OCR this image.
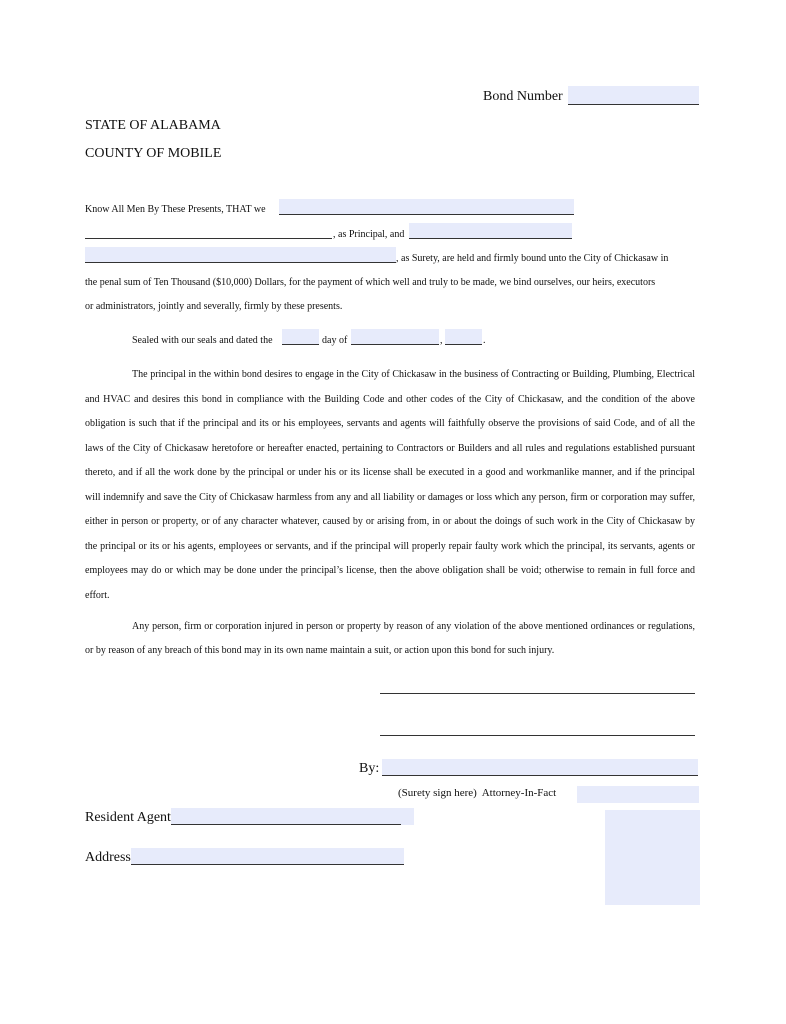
Bond Number
STATE OF ALABAMA
COUNTY OF MOBILE
Know All Men By These Presents, THAT we
, as Principal, and
, as Surety, are held and firmly bound unto the City of Chickasaw in
the penal sum of Ten Thousand ($10,000) Dollars, for the payment of which well and truly to be made, we bind ourselves, our heirs, executors
or administrators, jointly and severally, firmly by these presents.
Sealed with our seals and dated the	day of	,	.
The principal in the within bond desires to engage in the City of Chickasaw in the business of Contracting or Building, Plumbing, Electrical and HVAC and desires this bond in compliance with the Building Code and other codes of the City of Chickasaw, and the condition of the above obligation is such that if the principal and its or his employees, servants and agents will faithfully observe the provisions of said Code, and of all the laws of the City of Chickasaw heretofore or hereafter enacted, pertaining to Contractors or Builders and all rules and regulations established pursuant thereto, and if all the work done by the principal or under his or its license shall be executed in a good and workmanlike manner, and if the principal will indemnify and save the City of Chickasaw harmless from any and all liability or damages or loss which any person, firm or corporation may suffer, either in person or property, or of any character whatever, caused by or arising from, in or about the doings of such work in the City of Chickasaw by the principal or its or his agents, employees or servants, and if the principal will properly repair faulty work which the principal, its servants, agents or employees may do or which may be done under the principal’s license, then the above obligation shall be void; otherwise to remain in full force and effort.
Any person, firm or corporation injured in person or property by reason of any violation of the above mentioned ordinances or regulations, or by reason of any breach of this bond may in its own name maintain a suit, or action upon this bond for such injury.
By:
(Surety sign here)  Attorney-In-Fact
Resident Agent
Address
